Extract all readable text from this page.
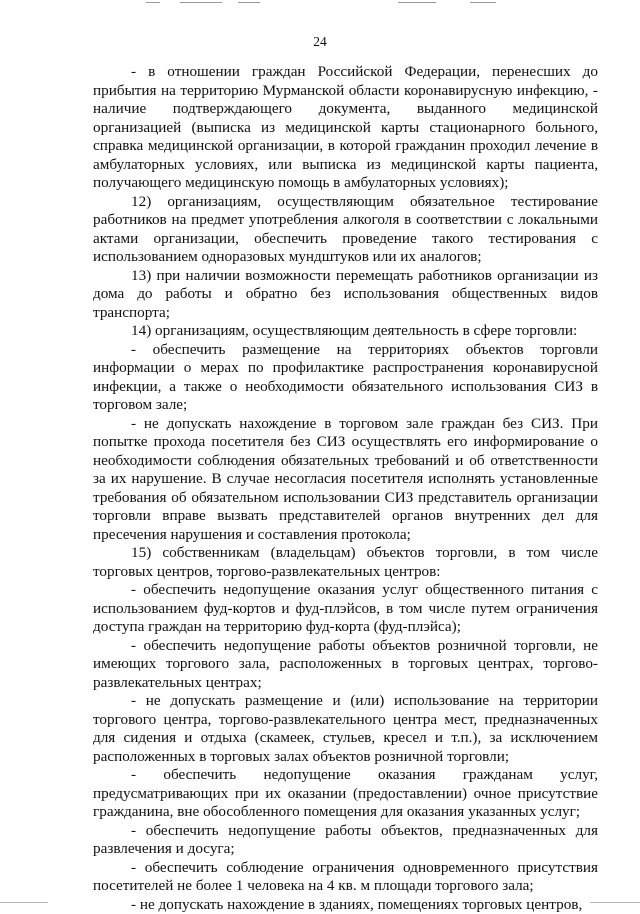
24

- в отношении граждан Российской Федерации, перенесших до прибытия на территорию Мурманской области коронавирусную инфекцию, - наличие подтверждающего документа, выданного медицинской организацией (выписка из медицинской карты стационарного больного, справка медицинской организации, в которой гражданин проходил лечение в амбулаторных условиях, или выписка из медицинской карты пациента, получающего медицинскую помощь в амбулаторных условиях);

12) организациям, осуществляющим обязательное тестирование работников на предмет употребления алкоголя в соответствии с локальными актами организации, обеспечить проведение такого тестирования с использованием одноразовых мундштуков или их аналогов;

13) при наличии возможности перемещать работников организации из дома до работы и обратно без использования общественных видов транспорта;

14) организациям, осуществляющим деятельность в сфере торговли:

- обеспечить размещение на территориях объектов торговли информации о мерах по профилактике распространения коронавирусной инфекции, а также о необходимости обязательного использования СИЗ в торговом зале;

- не допускать нахождение в торговом зале граждан без СИЗ. При попытке прохода посетителя без СИЗ осуществлять его информирование о необходимости соблюдения обязательных требований и об ответственности за их нарушение. В случае несогласия посетителя исполнять установленные требования об обязательном использовании СИЗ представитель организации торговли вправе вызвать представителей органов внутренних дел для пресечения нарушения и составления протокола;

15) собственникам (владельцам) объектов торговли, в том числе торговых центров, торгово-развлекательных центров:

- обеспечить недопущение оказания услуг общественного питания с использованием фуд-кортов и фуд-плэйсов, в том числе путем ограничения доступа граждан на территорию фуд-корта (фуд-плэйса);

- обеспечить недопущение работы объектов розничной торговли, не имеющих торгового зала, расположенных в торговых центрах, торгово-развлекательных центрах;

- не допускать размещение и (или) использование на территории торгового центра, торгово-развлекательного центра мест, предназначенных для сидения и отдыха (скамеек, стульев, кресел и т.п.), за исключением расположенных в торговых залах объектов розничной торговли;

- обеспечить недопущение оказания гражданам услуг, предусматривающих при их оказании (предоставлении) очное присутствие гражданина, вне обособленного помещения для оказания указанных услуг;

- обеспечить недопущение работы объектов, предназначенных для развлечения и досуга;

- обеспечить соблюдение ограничения одновременного присутствия посетителей не более 1 человека на 4 кв. м площади торгового зала;

- не допускать нахождение в зданиях, помещениях торговых центров,
